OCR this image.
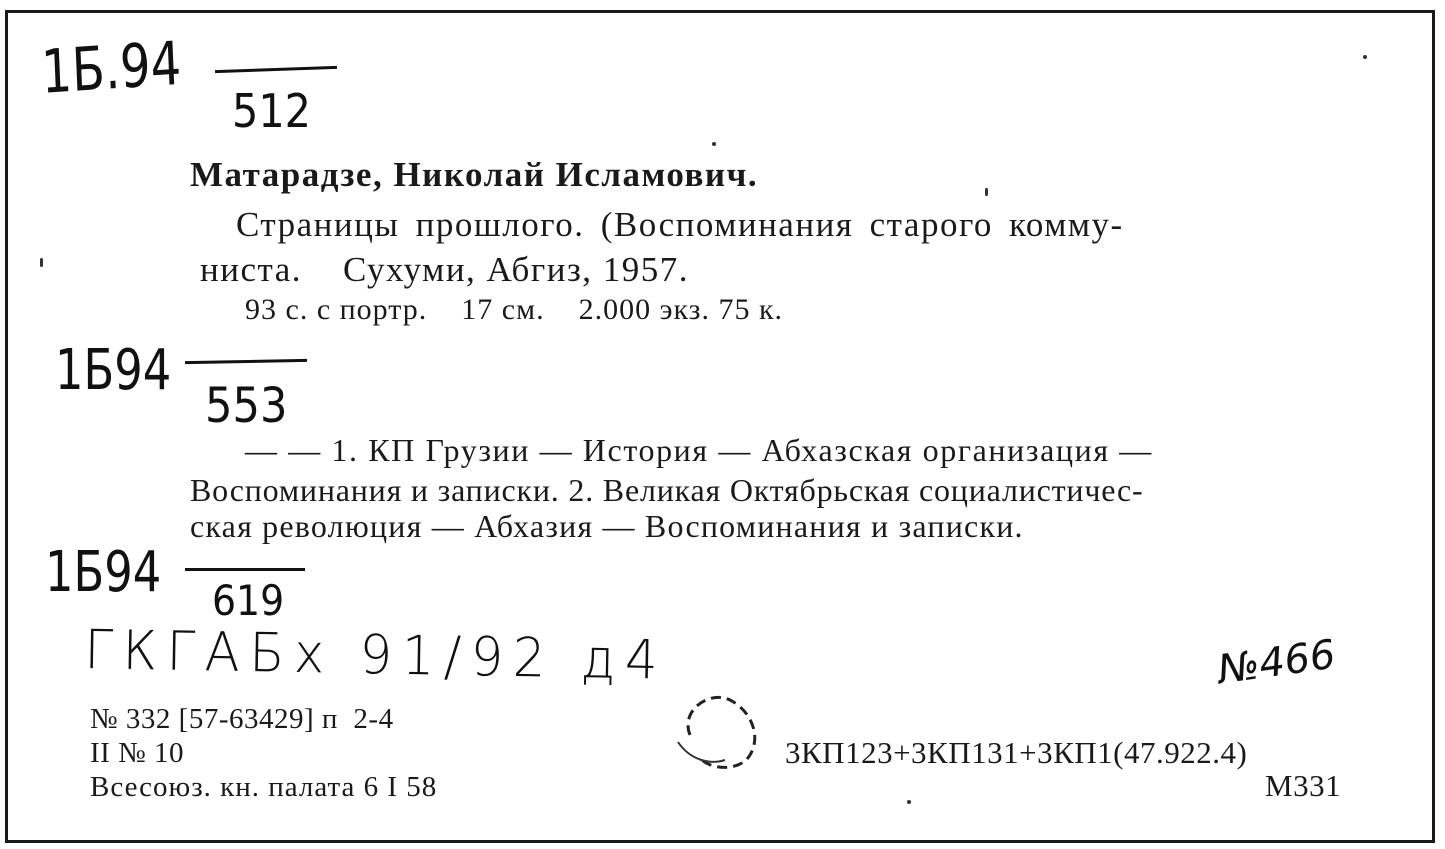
1Б.94
512
Матарадзе, Николай Исламович.
Страницы прошлого. (Воспоминания старого комму-
ниста.    Сухуми, Абгиз, 1957.
93 с. с портр.    17 см.    2.000 экз. 75 к.
1Б94
553
— — 1. КП Грузии — История — Абхазская организация —
Воспоминания и записки. 2. Великая Октябрьская социалистичес-
ская революция — Абхазия — Воспоминания и записки.
1Б94 619
ГКГАБх 91/92 д4	№466
№ 332 [57-63429] п  2-4
II № 10
Всесоюз. кн. палата 6 I 58
3КП123+3КП131+3КП1(47.922.4)
М331
